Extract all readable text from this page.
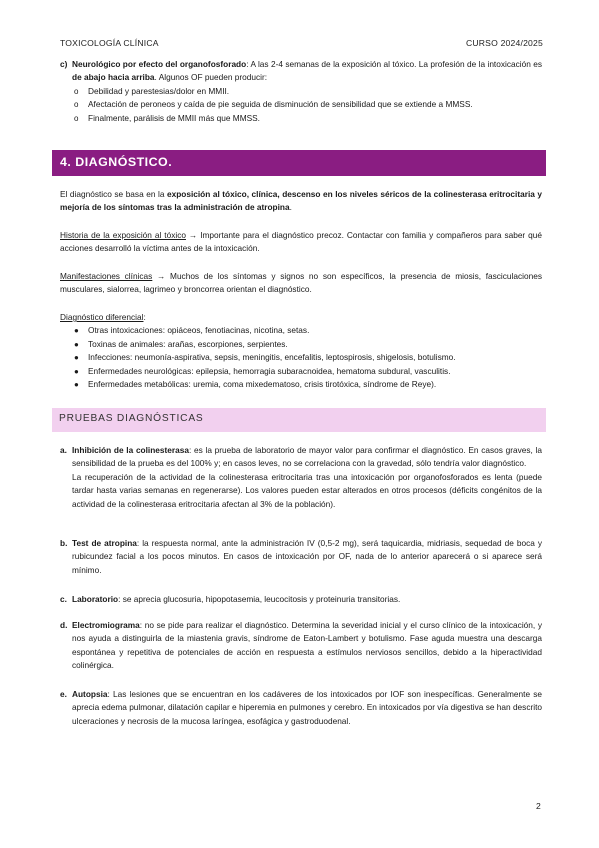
TOXICOLOGÍA CLÍNICA	CURSO 2024/2025
c) Neurológico por efecto del organofosforado: A las 2-4 semanas de la exposición al tóxico. La profesión de la intoxicación es de abajo hacia arriba. Algunos OF pueden producir:
o Debilidad y parestesias/dolor en MMII.
o Afectación de peroneos y caída de pie seguida de disminución de sensibilidad que se extiende a MMSS.
o Finalmente, parálisis de MMII más que MMSS.
4. DIAGNÓSTICO.
El diagnóstico se basa en la exposición al tóxico, clínica, descenso en los niveles séricos de la colinesterasa eritrocitaria y mejoría de los síntomas tras la administración de atropina.
Historia de la exposición al tóxico → Importante para el diagnóstico precoz. Contactar con familia y compañeros para saber qué acciones desarrolló la víctima antes de la intoxicación.
Manifestaciones clínicas → Muchos de los síntomas y signos no son específicos, la presencia de miosis, fasciculaciones musculares, sialorrea, lagrimeo y broncorrea orientan el diagnóstico.
Diagnóstico diferencial:
● Otras intoxicaciones: opiáceos, fenotiacinas, nicotina, setas.
● Toxinas de animales: arañas, escorpiones, serpientes.
● Infecciones: neumonía-aspirativa, sepsis, meningitis, encefalitis, leptospirosis, shigelosis, botulismo.
● Enfermedades neurológicas: epilepsia, hemorragia subaracnoidea, hematoma subdural, vasculitis.
● Enfermedades metabólicas: uremia, coma mixedematoso, crisis tirotóxica, síndrome de Reye).
PRUEBAS DIAGNÓSTICAS
a. Inhibición de la colinesterasa: es la prueba de laboratorio de mayor valor para confirmar el diagnóstico. En casos graves, la sensibilidad de la prueba es del 100% y; en casos leves, no se correlaciona con la gravedad, sólo tendría valor diagnóstico.
La recuperación de la actividad de la colinesterasa eritrocitaria tras una intoxicación por organofosforados es lenta (puede tardar hasta varias semanas en regenerarse). Los valores pueden estar alterados en otros procesos (déficits congénitos de la actividad de la colinesterasa eritrocitaria afectan al 3% de la población).
b. Test de atropina: la respuesta normal, ante la administración IV (0,5-2 mg), será taquicardia, midriasis, sequedad de boca y rubicundez facial a los pocos minutos. En casos de intoxicación por OF, nada de lo anterior aparecerá o si aparece será mínimo.
c. Laboratorio: se aprecia glucosuria, hipopotasemia, leucocitosis y proteinuria transitorias.
d. Electromiograma: no se pide para realizar el diagnóstico. Determina la severidad inicial y el curso clínico de la intoxicación, y nos ayuda a distinguirla de la miastenia gravis, síndrome de Eaton-Lambert y botulismo. Fase aguda muestra una descarga espontánea y repetitiva de potenciales de acción en respuesta a estímulos nerviosos sencillos, debido a la hiperactividad colinérgica.
e. Autopsia: Las lesiones que se encuentran en los cadáveres de los intoxicados por IOF son inespecíficas. Generalmente se aprecia edema pulmonar, dilatación capilar e hiperemia en pulmones y cerebro. En intoxicados por vía digestiva se han descrito ulceraciones y necrosis de la mucosa laríngea, esofágica y gastroduodenal.
2
